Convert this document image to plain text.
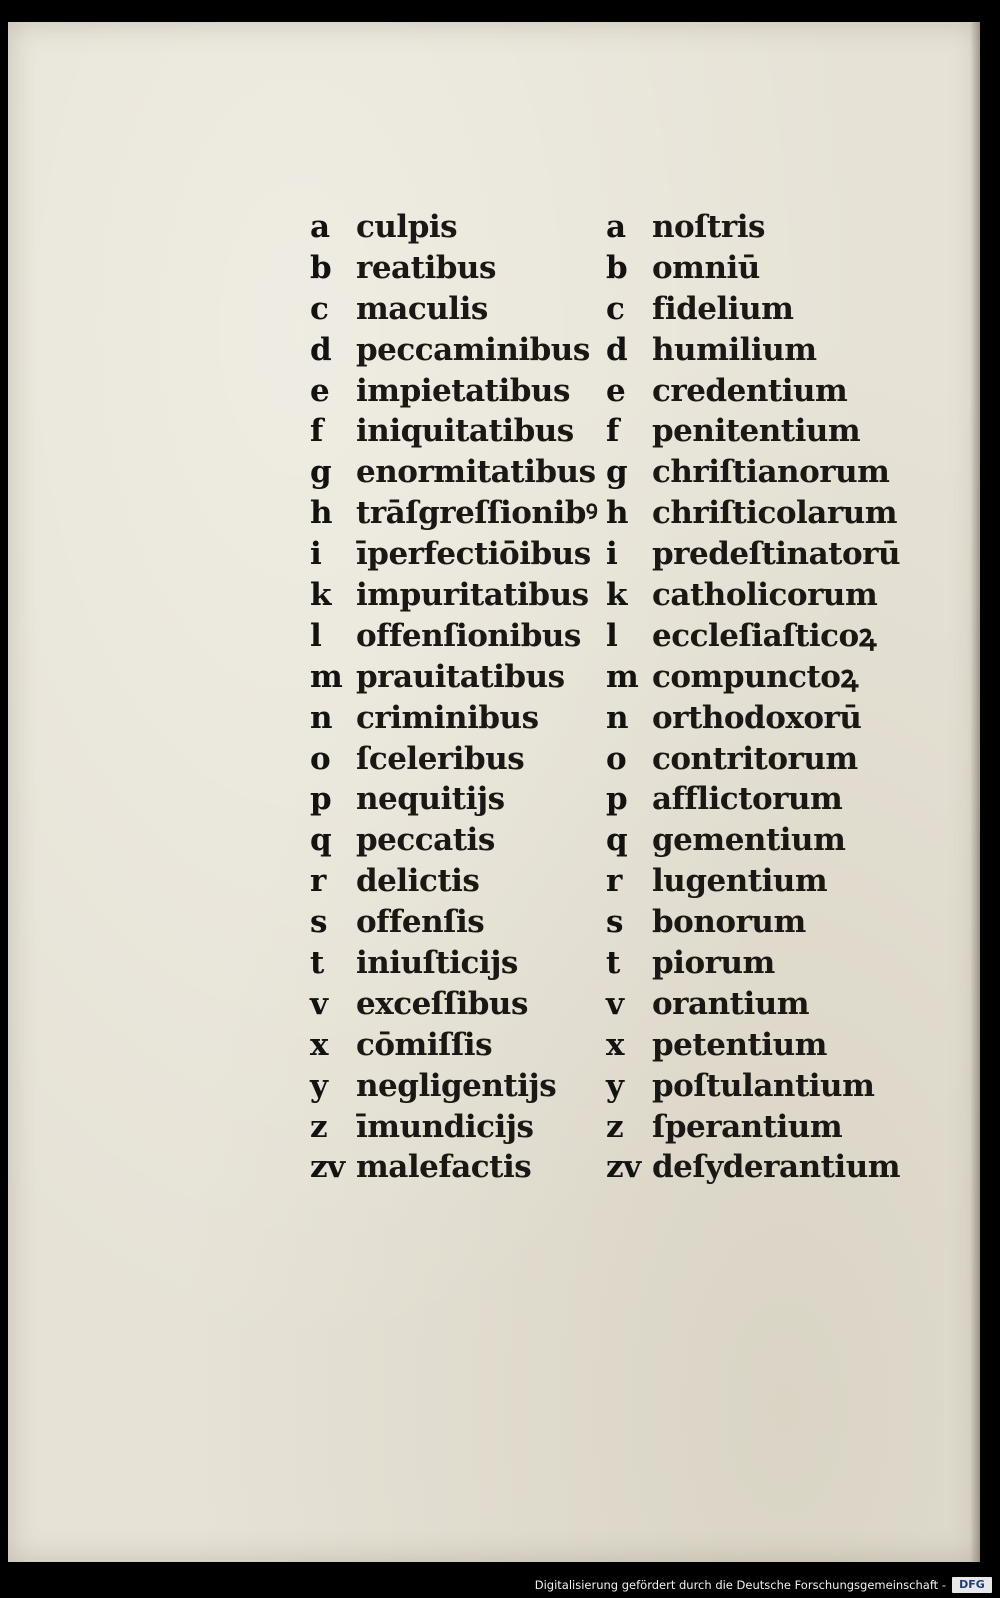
a culpis
b reatibus
c maculis
d peccaminibus
e impietatibus
f iniquitatibus
g enormitatibus
h trāſgreſſionibꝰ
i īperfectiōibus
k impuritatibus
l offenſionibus
m prauitatibus
n criminibus
o ſceleribus
p nequitijs
q peccatis
r delictis
s offenſis
t iniuſticijs
v exceſſibus
x cōmiſſis
y negligentijs
z īmundicijs
zv malefactis
a noſtris
b omniū
c fidelium
d humilium
e credentium
f penitentium
g chriſtianorum
h chriſticolarum
i predeſtinatorū
k catholicorum
l eccleſiaſticoꝝ
m compunctoꝝ
n orthodoxorū
o contritorum
p afflictorum
q gementium
r lugentium
s bonorum
t piorum
v orantium
x petentium
y poſtulantium
z ſperantium
zv deſyderantium
Digitalisierung gefördert durch die Deutsche Forschungsgemeinschaft -	DFG
